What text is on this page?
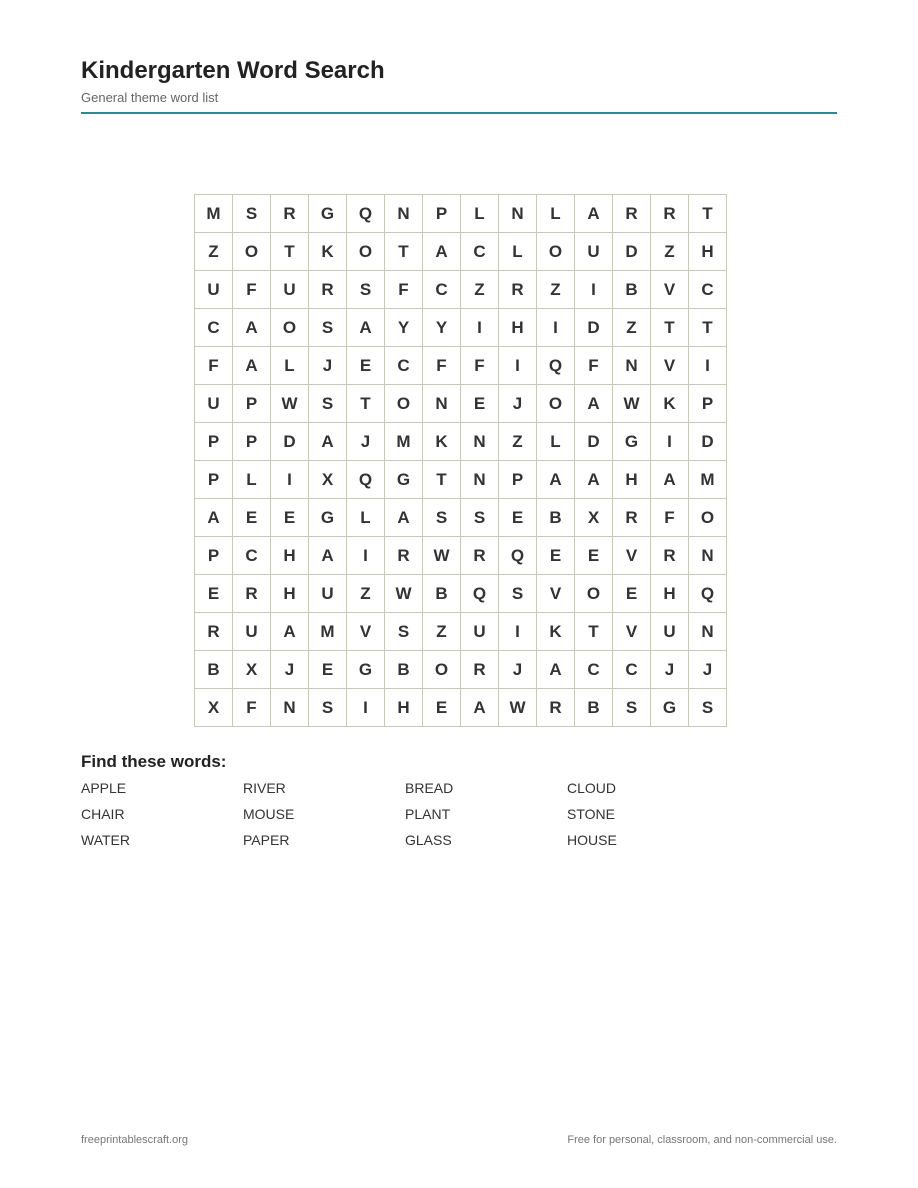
Kindergarten Word Search
General theme word list
M	S	R	G	Q	N	P	L	N	L	A	R	R	T
Z	O	T	K	O	T	A	C	L	O	U	D	Z	H
U	F	U	R	S	F	C	Z	R	Z	I	B	V	C
C	A	O	S	A	Y	Y	I	H	I	D	Z	T	T
F	A	L	J	E	C	F	F	I	Q	F	N	V	I
U	P	W	S	T	O	N	E	J	O	A	W	K	P
P	P	D	A	J	M	K	N	Z	L	D	G	I	D
P	L	I	X	Q	G	T	N	P	A	A	H	A	M
A	E	E	G	L	A	S	S	E	B	X	R	F	O
P	C	H	A	I	R	W	R	Q	E	E	V	R	N
E	R	H	U	Z	W	B	Q	S	V	O	E	H	Q
R	U	A	M	V	S	Z	U	I	K	T	V	U	N
B	X	J	E	G	B	O	R	J	A	C	C	J	J
X	F	N	S	I	H	E	A	W	R	B	S	G	S
Find these words:
APPLE	RIVER	BREAD	CLOUD
CHAIR	MOUSE	PLANT	STONE
WATER	PAPER	GLASS	HOUSE
freeprintablescraft.org	Free for personal, classroom, and non-commercial use.
